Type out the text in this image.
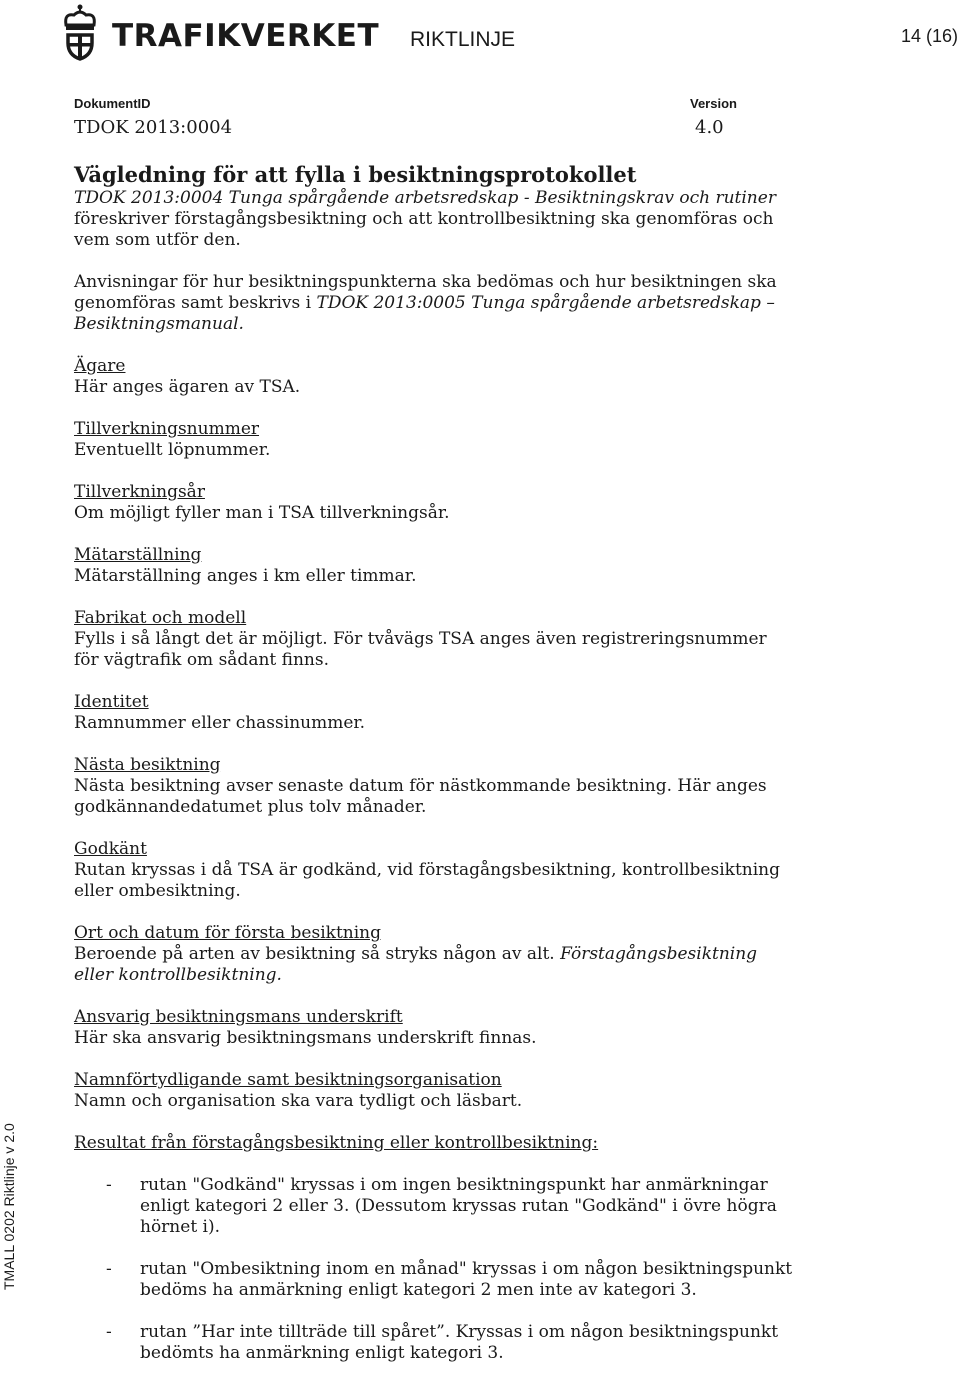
TRAFIKVERKET RIKTLINJE	14 (16)
DokumentID	Version
TDOK 2013:0004	4.0
Vägledning för att fylla i besiktningsprotokollet

TDOK 2013:0004 Tunga spårgående arbetsredskap - Besiktningskrav och rutiner
föreskriver förstagångsbesiktning och att kontrollbesiktning ska genomföras och vem som utför den.

Anvisningar för hur besiktningspunkterna ska bedömas och hur besiktningen ska genomföras samt beskrivs i TDOK 2013:0005 Tunga spårgående arbetsredskap – Besiktningsmanual.

Ägare

Här anges ägaren av TSA.

Tillverkningsnummer

Eventuellt löpnummer.

Tillverkningsår

Om möjligt fyller man i TSA tillverkningsår.

Mätarställning

Mätarställning anges i km eller timmar.

Fabrikat och modell

Fylls i så långt det är möjligt. För tvåvägs TSA anges även registreringsnummer för vägtrafik om sådant finns.

Identitet

Ramnummer eller chassinummer.

Nästa besiktning

Nästa besiktning avser senaste datum för nästkommande besiktning. Här anges godkännandedatumet plus tolv månader.

Godkänt

Rutan kryssas i då TSA är godkänd, vid förstagångsbesiktning, kontrollbesiktning eller ombesiktning.

Ort och datum för första besiktning

Beroende på arten av besiktning så stryks någon av alt. Förstagångsbesiktning eller kontrollbesiktning.

Ansvarig besiktningsmans underskrift

Här ska ansvarig besiktningsmans underskrift finnas.

Namnförtydligande samt besiktningsorganisation

Namn och organisation ska vara tydligt och läsbart.

Resultat från förstagångsbesiktning eller kontrollbesiktning:

- rutan "Godkänd" kryssas i om ingen besiktningspunkt har anmärkningar enligt kategori 2 eller 3. (Dessutom kryssas rutan "Godkänd" i övre högra hörnet i).
- rutan "Ombesiktning inom en månad" kryssas i om någon besiktningspunkt bedöms ha anmärkning enligt kategori 2 men inte av kategori 3.
- rutan ”Har inte tillträde till spåret”. Kryssas i om någon besiktningspunkt bedömts ha anmärkning enligt kategori 3.
TMALL 0202 Riktlinje v 2.0
